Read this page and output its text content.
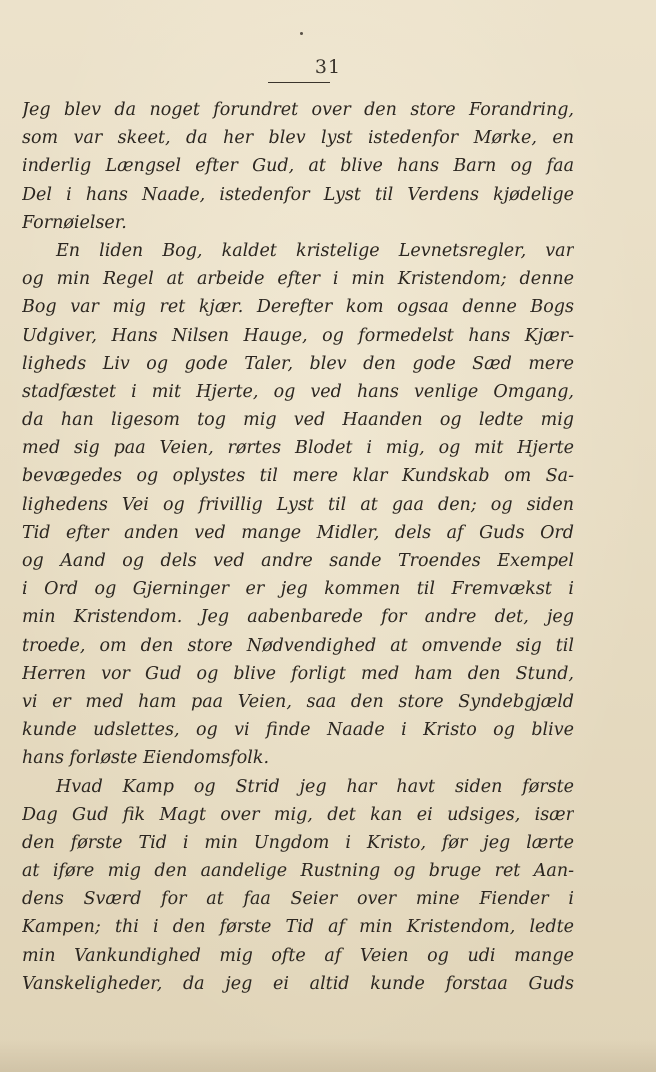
31
Jeg blev da noget forundret over den store Forandring,
som var skeet, da her blev lyst istedenfor Mørke, en
inderlig Længsel efter Gud, at blive hans Barn og faa
Del i hans Naade, istedenfor Lyst til Verdens kjødelige
Fornøielser.
En liden Bog, kaldet kristelige Levnetsregler, var
og min Regel at arbeide efter i min Kristendom; denne
Bog var mig ret kjær. Derefter kom ogsaa denne Bogs
Udgiver, Hans Nilsen Hauge, og formedelst hans Kjær-
ligheds Liv og gode Taler, blev den gode Sæd mere
stadfæstet i mit Hjerte, og ved hans venlige Omgang,
da han ligesom tog mig ved Haanden og ledte mig
med sig paa Veien, rørtes Blodet i mig, og mit Hjerte
bevægedes og oplystes til mere klar Kundskab om Sa-
lighedens Vei og frivillig Lyst til at gaa den; og siden
Tid efter anden ved mange Midler, dels af Guds Ord
og Aand og dels ved andre sande Troendes Exempel
i Ord og Gjerninger er jeg kommen til Fremvækst i
min Kristendom. Jeg aabenbarede for andre det, jeg
troede, om den store Nødvendighed at omvende sig til
Herren vor Gud og blive forligt med ham den Stund,
vi er med ham paa Veien, saa den store Syndebgjæld
kunde udslettes, og vi finde Naade i Kristo og blive
hans forløste Eiendomsfolk.
Hvad Kamp og Strid jeg har havt siden første
Dag Gud fik Magt over mig, det kan ei udsiges, især
den første Tid i min Ungdom i Kristo, før jeg lærte
at iføre mig den aandelige Rustning og bruge ret Aan-
dens Sværd for at faa Seier over mine Fiender i
Kampen; thi i den første Tid af min Kristendom, ledte
min Vankundighed mig ofte af Veien og udi mange
Vanskeligheder, da jeg ei altid kunde forstaa Guds
